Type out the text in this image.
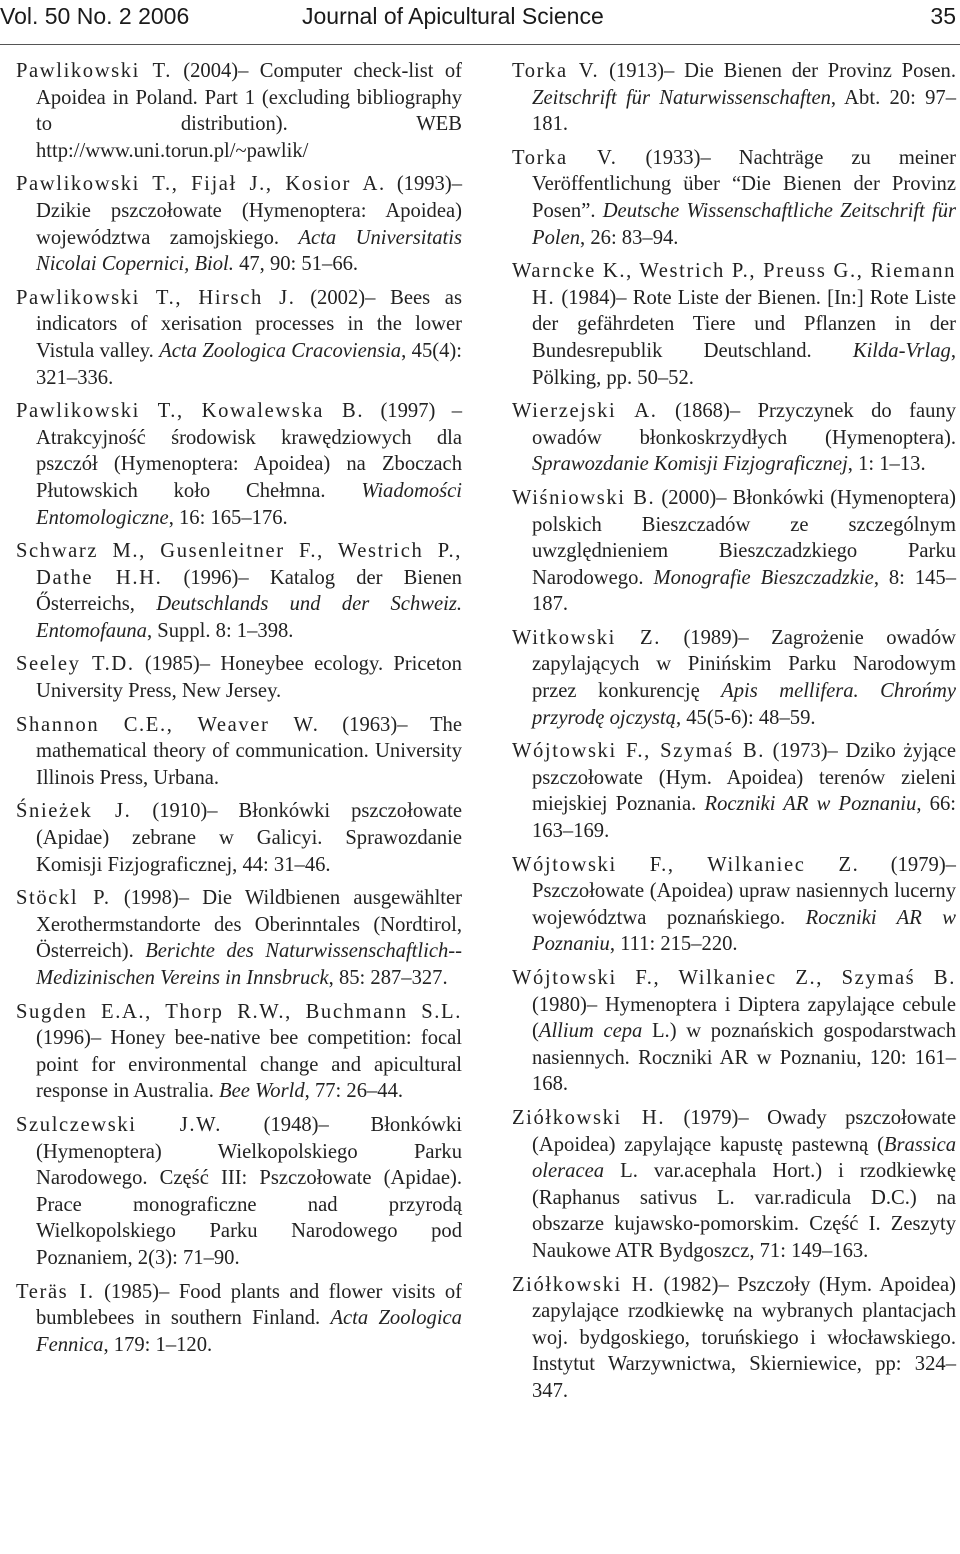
Vol. 50 No. 2 2006	Journal of Apicultural Science	35

Pawlikowski T. (2004)– Computer check-list of Apoidea in Poland. Part 1 (excluding bibliography to distribution). WEB http://www.uni.torun.pl/~pawlik/

Pawlikowski T., Fijał J., Kosior A. (1993)– Dzikie pszczołowate (Hymenoptera: Apoidea) województwa zamojskiego. Acta Universitatis Nicolai Copernici, Biol. 47, 90: 51–66.

Pawlikowski T., Hirsch J. (2002)– Bees as indicators of xerisation processes in the lower Vistula valley. Acta Zoologica Cracoviensia, 45(4): 321–336.

Pawlikowski T., Kowalewska B. (1997) – Atrakcyjność środowisk krawędziowych dla pszczół (Hymenoptera: Apoidea) na Zboczach Płutowskich koło Chełmna. Wiadomości Entomologiczne, 16: 165–176.

Schwarz M., Gusenleitner F., Westrich P., Dathe H.H. (1996)– Katalog der Bienen Ősterreichs, Deutschlands und der Schweiz. Entomofauna, Suppl. 8: 1–398.

Seeley T.D. (1985)– Honeybee ecology. Priceton University Press, New Jersey.

Shannon C.E., Weaver W. (1963)– The mathematical theory of communication. University Illinois Press, Urbana.

Śnieżek J. (1910)– Błonkówki pszczołowate (Apidae) zebrane w Galicyi. Sprawozdanie Komisji Fizjograficznej, 44: 31–46.

Stöckl P. (1998)– Die Wildbienen ausgewählter Xerothermstandorte des Oberinntales (Nordtirol, Österreich). Berichte des Naturwissenschaftlich--Medizinischen Vereins in Innsbruck, 85: 287–327.

Sugden E.A., Thorp R.W., Buchmann S.L. (1996)– Honey bee-native bee competition: focal point for environmental change and apicultural response in Australia. Bee World, 77: 26–44.

Szulczewski J.W. (1948)– Błonkówki (Hymenoptera) Wielkopolskiego Parku Narodowego. Część III: Pszczołowate (Apidae). Prace monograficzne nad przyrodą Wielkopolskiego Parku Narodowego pod Poznaniem, 2(3): 71–90.

Teräs I. (1985)– Food plants and flower visits of bumblebees in southern Finland. Acta Zoologica Fennica, 179: 1–120.

Torka V. (1913)– Die Bienen der Provinz Posen. Zeitschrift für Naturwissenschaften, Abt. 20: 97–181.

Torka V. (1933)– Nachträge zu meiner Veröffentlichung über “Die Bienen der Provinz Posen”. Deutsche Wissenschaftliche Zeitschrift für Polen, 26: 83–94.

Warncke K., Westrich P., Preuss G., Riemann H. (1984)– Rote Liste der Bienen. [In:] Rote Liste der gefährdeten Tiere und Pflanzen in der Bundesrepublik Deutschland. Kilda-Vrlag, Pölking, pp. 50–52.

Wierzejski A. (1868)– Przyczynek do fauny owadów błonkoskrzydłych (Hymenoptera). Sprawozdanie Komisji Fizjograficznej, 1: 1–13.

Wiśniowski B. (2000)– Błonkówki (Hymenoptera) polskich Bieszczadów ze szczególnym uwzględnieniem Bieszczadzkiego Parku Narodowego. Monografie Bieszczadzkie, 8: 145–187.

Witkowski Z. (1989)– Zagrożenie owadów zapylających w Pinińskim Parku Narodowym przez konkurencję Apis mellifera. Chrońmy przyrodę ojczystą, 45(5-6): 48–59.

Wójtowski F., Szymaś B. (1973)– Dziko żyjące pszczołowate (Hym. Apoidea) terenów zieleni miejskiej Poznania. Roczniki AR w Poznaniu, 66: 163–169.

Wójtowski F., Wilkaniec Z. (1979)– Pszczołowate (Apoidea) upraw nasiennych lucerny województwa poznańskiego. Roczniki AR w Poznaniu, 111: 215–220.

Wójtowski F., Wilkaniec Z., Szymaś B. (1980)– Hymenoptera i Diptera zapylające cebule (Allium cepa L.) w poznańskich gospodarstwach nasiennych. Roczniki AR w Poznaniu, 120: 161–168.

Ziółkowski H. (1979)– Owady pszczołowate (Apoidea) zapylające kapustę pastewną (Brassica oleracea L. var.acephala Hort.) i rzodkiewkę (Raphanus sativus L. var.radicula D.C.) na obszarze kujawsko-pomorskim. Część I. Zeszyty Naukowe ATR Bydgoszcz, 71: 149–163.

Ziółkowski H. (1982)– Pszczoły (Hym. Apoidea) zapylające rzodkiewkę na wybranych plantacjach woj. bydgoskiego, toruńskiego i włocławskiego. Instytut Warzywnictwa, Skierniewice, pp: 324–347.
